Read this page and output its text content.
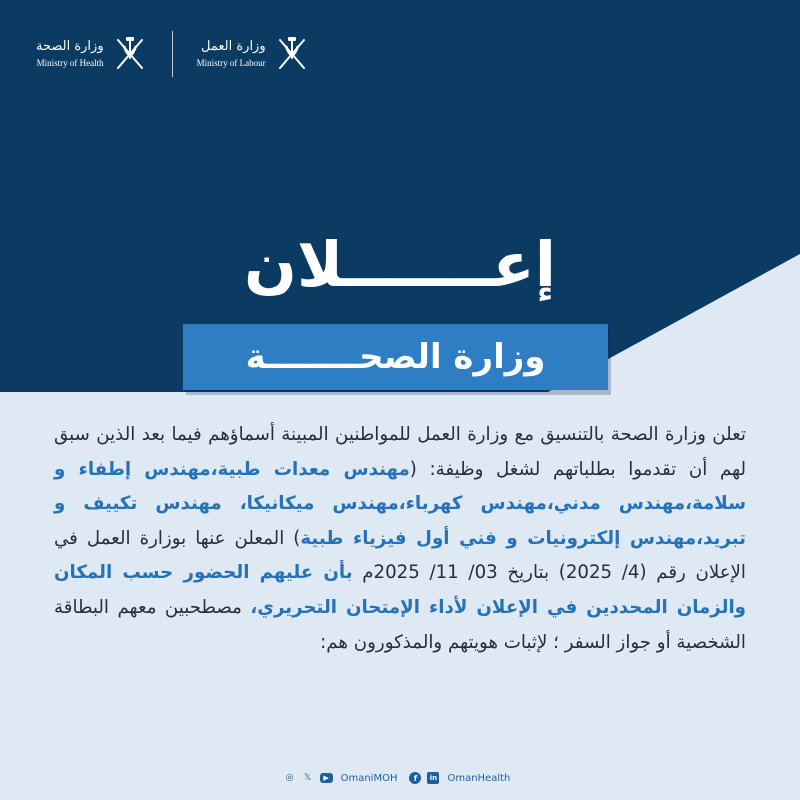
وزارة الصحة
Ministry of Health
وزارة العمل
Ministry of Labour
إعـــــــلان
وزارة الصحــــــــة
تعلن وزارة الصحة بالتنسيق مع وزارة العمل للمواطنين المبينة أسماؤهم فيما بعد الذين سبق لهم أن تقدموا بطلباتهم لشغل وظيفة: (مهندس معدات طبية،مهندس إطفاء و سلامة،مهندس مدني،مهندس كهرباء،مهندس ميكانيكا، مهندس تكييف و تبريد،مهندس إلكترونيات و فني أول فيزياء طبية) المعلن عنها بوزارة العمل في الإعلان رقم (4/ 2025) بتاريخ 03/ 11/ 2025م بأن عليهم الحضور حسب المكان والزمان المحددين في الإعلان لأداء الإمتحان التحريري، مصطحبين معهم البطاقة الشخصية أو جواز السفر ؛ لإثبات هويتهم والمذكورون هم:
◎ 𝕏	▶	OmaniMOH	f	in OmanHealth
